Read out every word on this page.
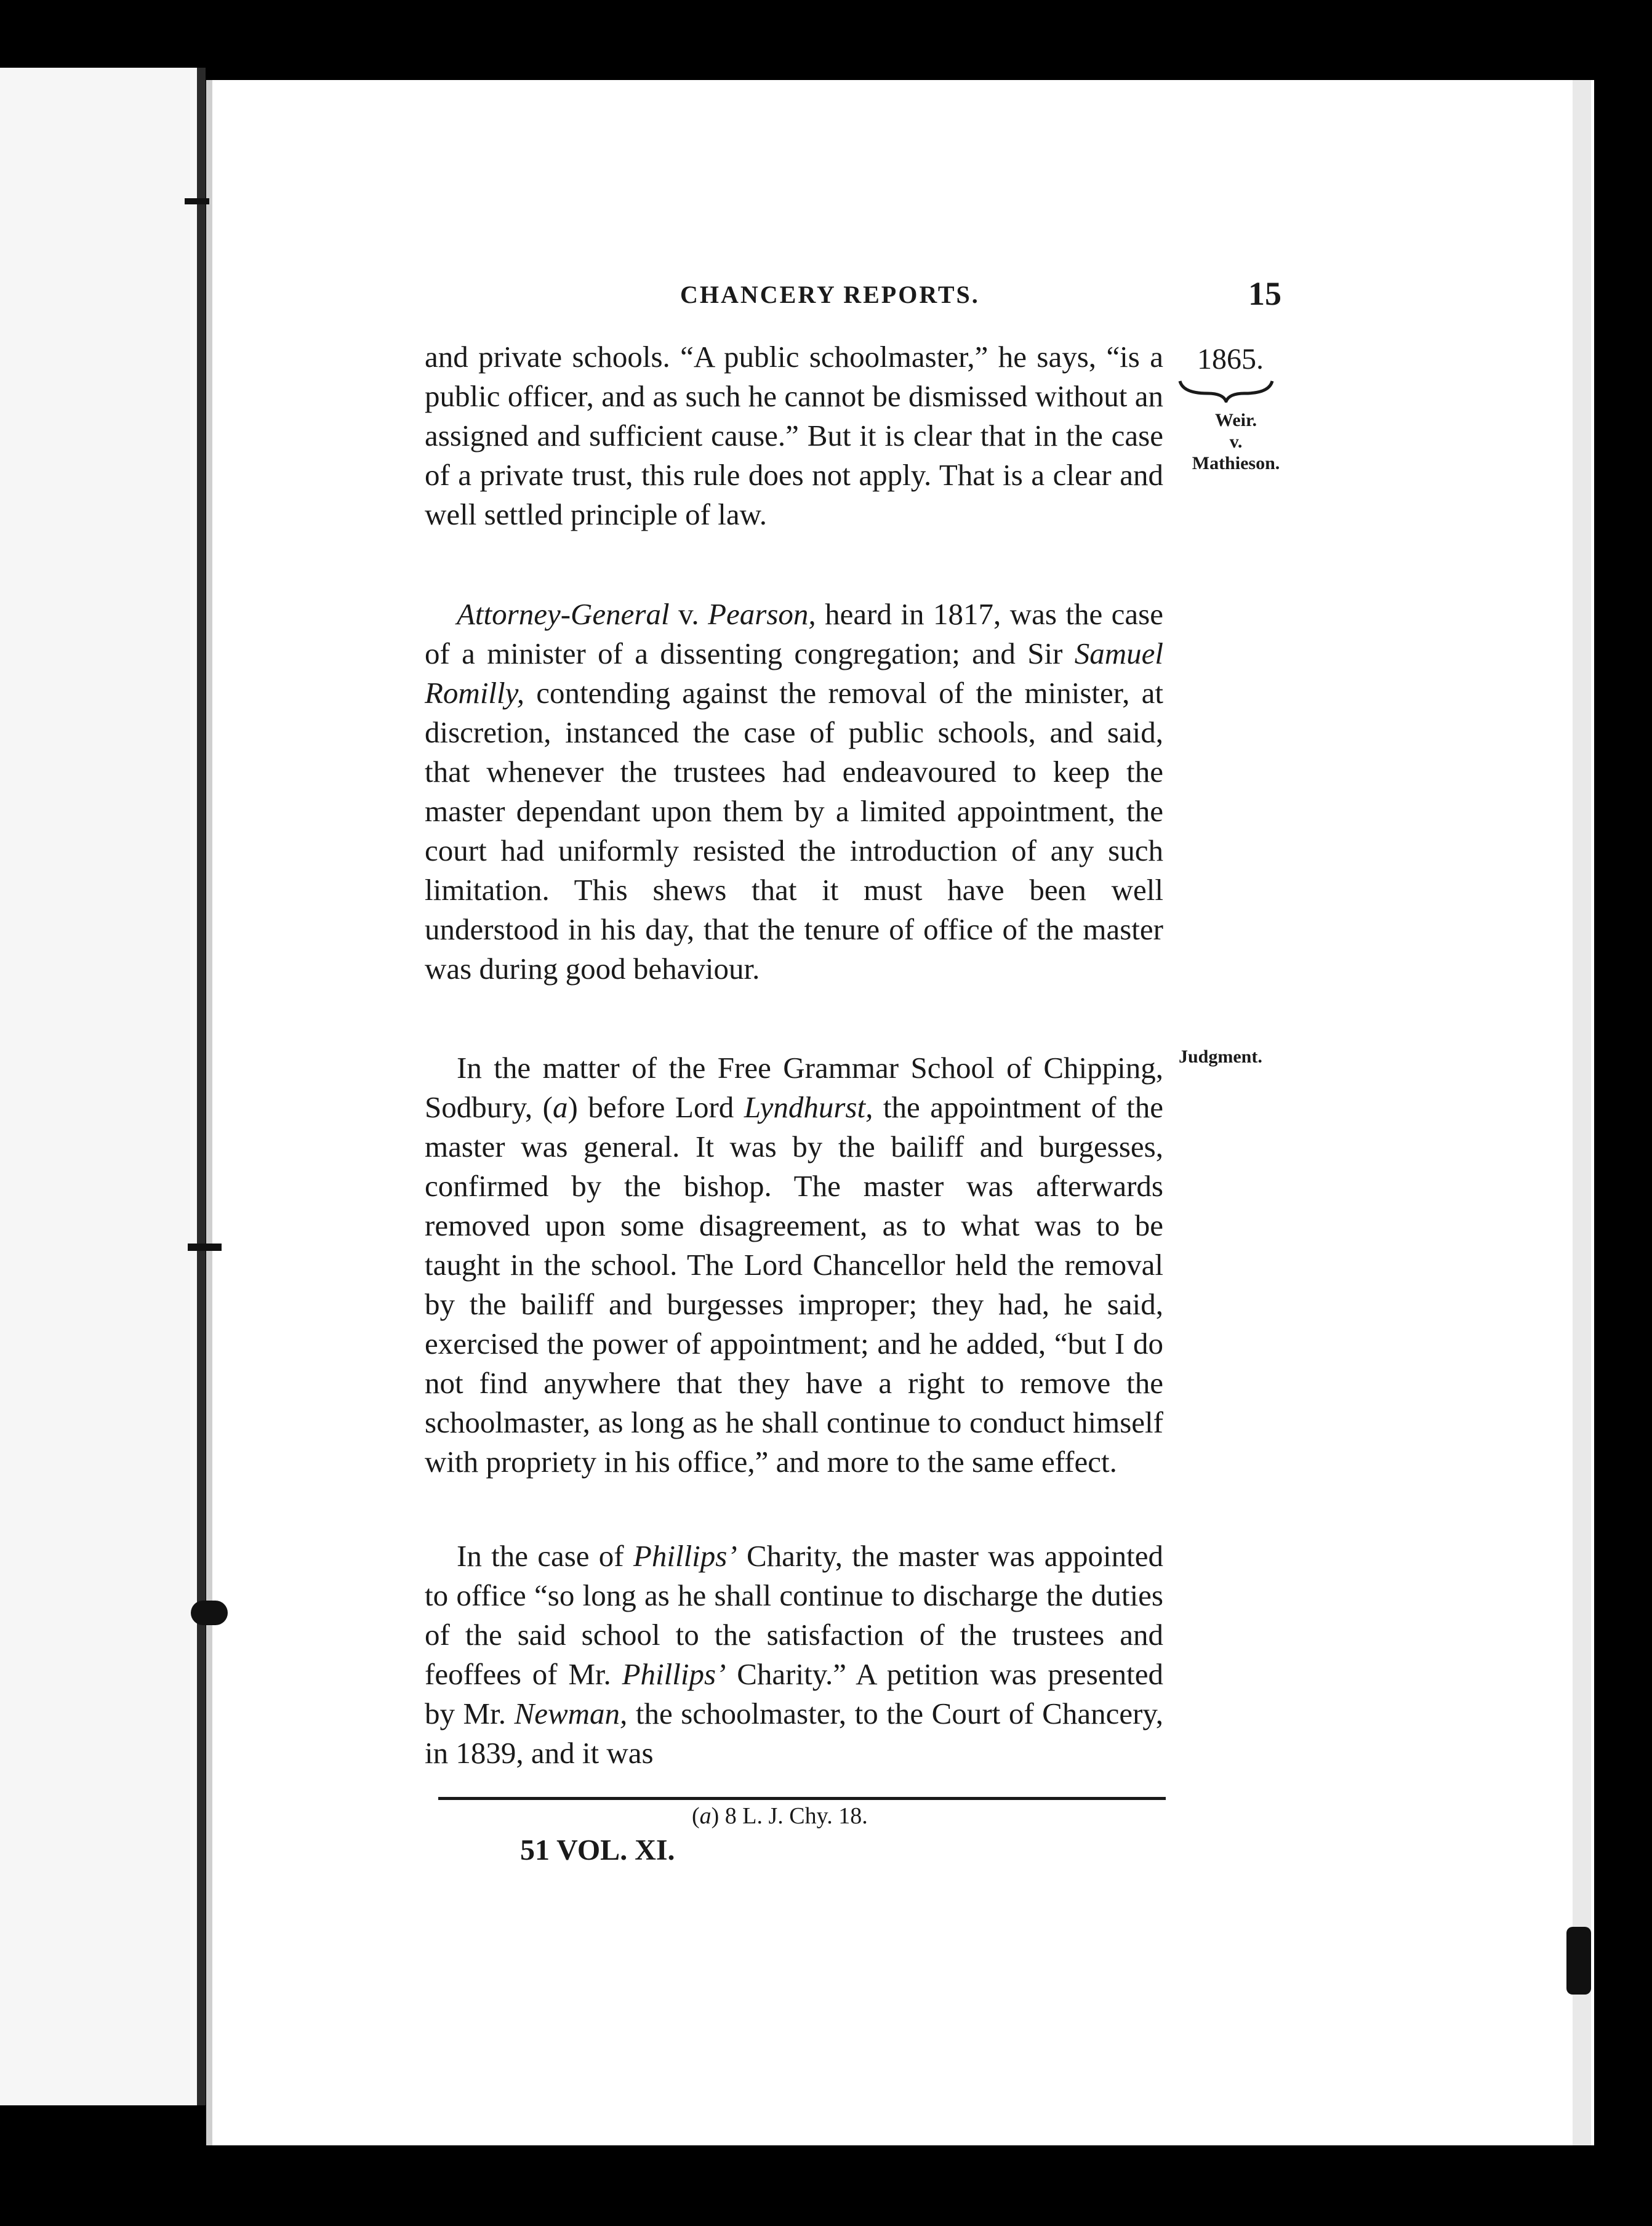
CHANCERY REPORTS.	15
1865.
Weir.
v.
Mathieson.
Judgment.
and private schools. “A public schoolmaster,” he says, “is a public officer, and as such he cannot be dismissed without an assigned and sufficient cause.” But it is clear that in the case of a private trust, this rule does not apply. That is a clear and well settled principle of law.
Attorney-General v. Pearson, heard in 1817, was the case of a minister of a dissenting congregation; and Sir Samuel Romilly, contending against the removal of the minister, at discretion, instanced the case of public schools, and said, that whenever the trustees had endeavoured to keep the master dependant upon them by a limited appointment, the court had uniformly resisted the introduction of any such limitation. This shews that it must have been well understood in his day, that the tenure of office of the master was during good behaviour.
In the matter of the Free Grammar School of Chipping, Sodbury, (a) before Lord Lyndhurst, the appointment of the master was general. It was by the bailiff and burgesses, confirmed by the bishop. The master was afterwards removed upon some disagreement, as to what was to be taught in the school. The Lord Chancellor held the removal by the bailiff and burgesses improper; they had, he said, exercised the power of appointment; and he added, “but I do not find anywhere that they have a right to remove the schoolmaster, as long as he shall continue to conduct himself with propriety in his office,” and more to the same effect.
In the case of Phillips’ Charity, the master was appointed to office “so long as he shall continue to discharge the duties of the said school to the satisfaction of the trustees and feoffees of Mr. Phillips’ Charity.” A petition was presented by Mr. Newman, the schoolmaster, to the Court of Chancery, in 1839, and it was
(a) 8 L. J. Chy. 18.
51 VOL. XI.
